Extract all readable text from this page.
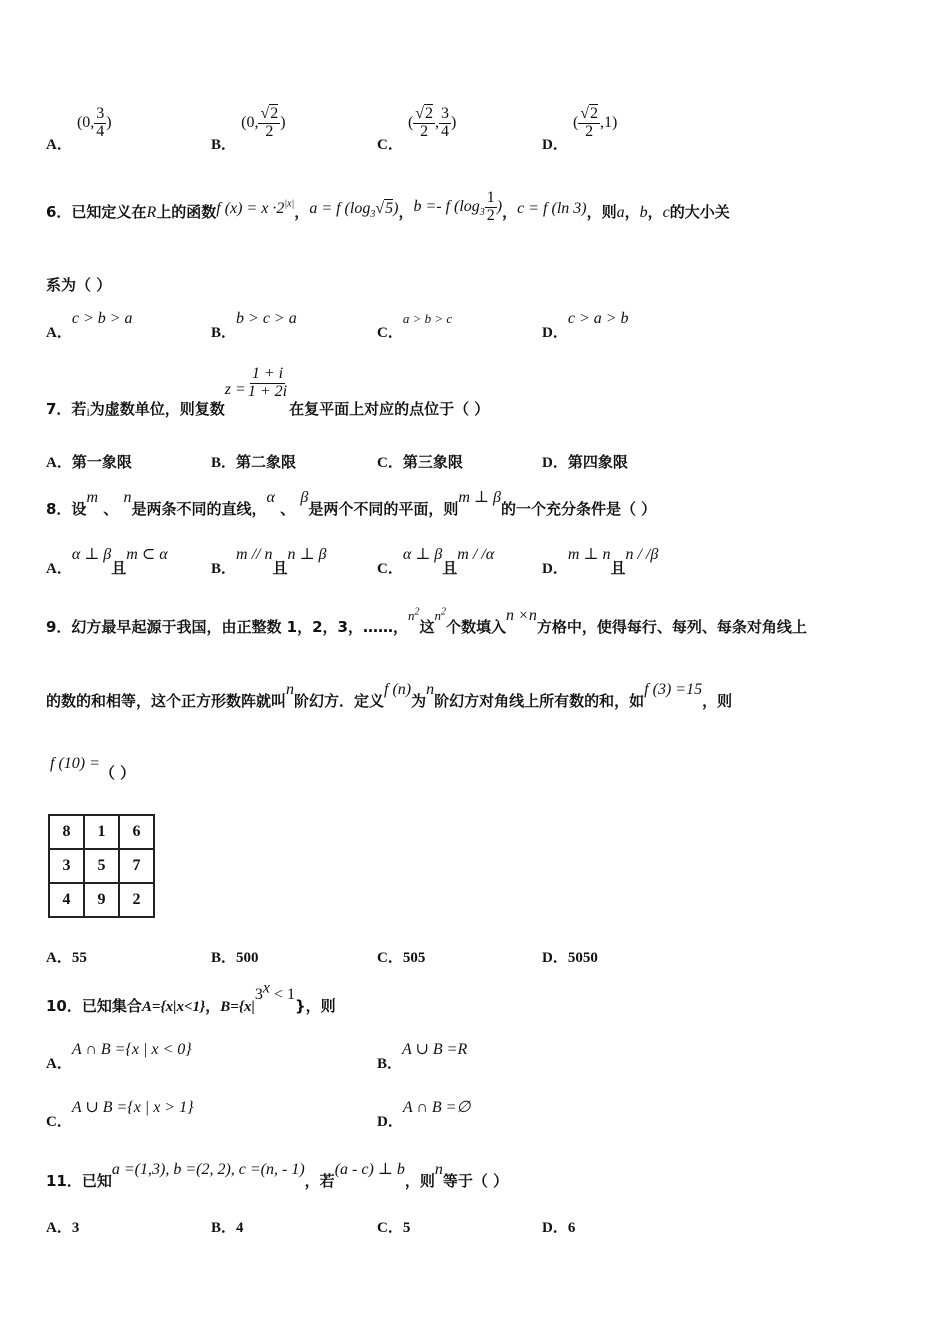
A． (0, $\frac{3}{4}$ )
B． (0, $\frac{√2}{2}$ )
C． ( $\frac{√2}{2}$ , $\frac{3}{4}$ )
D． ( $\frac{√2}{2} ,1$)
6．已知定义在R上的函数f $(x) = x \cdot 2^{|x|}$，a = f $(\log_3√5)$，b =- f ($\log_3 \frac{1}{2}$ )，c = f (ln 3)，则a，b，c的大小关
系为（ ）
A．c > b > a
B．b > c > a
C．a > b > c
D．c > a > b
7．若$_i$为虚数单位，则复数$z = \frac{1 + i}{1 + 2i}$
在复平面上对应的点位于（ ）
A．第一象限	B．第二象限	C．第三象限	D．第四象限
8．设m 、 n是两条不同的直线，α 、 β是两个不同的平面，则m ⊥ β的一个充分条件是（ ）
A．α ⊥ β且m ⊂ α
B．m // n且n ⊥ β
C．α ⊥ β且m / /α
D．m ⊥ n且n / /β
9．幻方最早起源于我国，由正整数 1，2，3，……，$n^2$这$n^2$个数填入n ×n方格中，使得每行、每列、每条对角线上
的数的和相等，这个正方形数阵就叫n阶幻方．定义f (n)为n阶幻方对角线上所有数的和，如f (3) =15，则
f (10) =（ ）
8	1	6
3	5	7
4	9	2
A．55	B．500	C．505	D．5050
10．已知集合A={x|x<1}，$B=\{x|3^x < 1\}$，则
A．A ∩ B ={x | x < 0}
B．A ∪ B =R
C．A ∪ B ={x | x > 1}
D．A ∩ B =∅
11．已知a =(1,3), b =(2, 2), c =(n, - 1)，若(a - c) ⊥ b，则n等于（ ）
A．3	B．4	C．5	D．6
